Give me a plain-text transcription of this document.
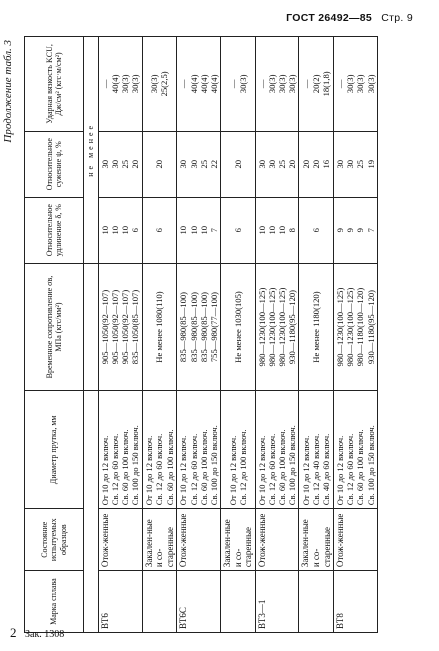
ГОСТ 26492—85 Стр. 9
Продолжение табл. 3
Марка сплава	Состояние испытуемых образцов	Диаметр прутка, мм	Временное сопротивление σв, МПа (кгс/мм²)	Относительное удлинение δ, %	Относительное сужение ψ, %	Ударная вязкость KCU, Дж/см² (кгс·м/см²)
				не менее		
ВТ6	Отож-женные	От 10 до 12 включ. Св. 12 до 60 включ. Св. 60 до 100 включ. Св. 100 до 150 включ.	905—1050(92—107) 905—1050(92—107) 905—1050(92—107) 835—1050(85—107)	10 10 10 6	30 30 25 20	— 40(4) 30(3) 30(3)

	Закален-ные и со-старенные	От 10 до 12 включ. Св. 12 до 60 включ. Св. 60 до 100 включ.	Не менее 1080(110)	6	20	30(3) 25(2,5)

ВТ6С	Отож-женные	От 10 до 12 включ. Св. 12 до 60 включ. Св. 60 до 100 включ. Св. 100 до 150 включ.	835—980(85—100) 835—980(85—100) 835—980(85—100) 755—980(77—100)	10 10 10 7	30 30 25 22	— 40(4) 40(4) 40(4)

	Закален-ные и со-старенные	От 10 до 12 включ. Св. 12 до 100 включ.	Не менее 1030(105)	6	20	— 30(3)

ВТ3—1	Отож-женные	От 10 до 12 включ. Св. 12 до 60 включ. Св. 60 до 100 включ. Св. 100 до 150 включ.	980—1230(100—125) 980—1230(100—125) 980—1230(100—125) 930—1180(95—120)	10 10 10 8	30 30 25 20	— 30(3) 30(3) 30(3)

	Закален-ные и со-старенные	От 10 до 12 включ. Св. 12 до 40 включ. Св. 40 до 60 включ.	Не менее 1180(120)	6	20 20 16	— 20(2) 18(1,8)

ВТ8	Отож-женные	От 10 до 12 включ. Св. 12 до 60 включ. Св. 60 до 100 включ. Св. 100 до 150 включ.	980—1230(100—125) 980—1230(100—125) 980—1180(100—120) 930—1180(95—120)	9 9 9 7	30 30 25 19	— 30(3) 30(3) 30(3)
2 Зак. 1308
